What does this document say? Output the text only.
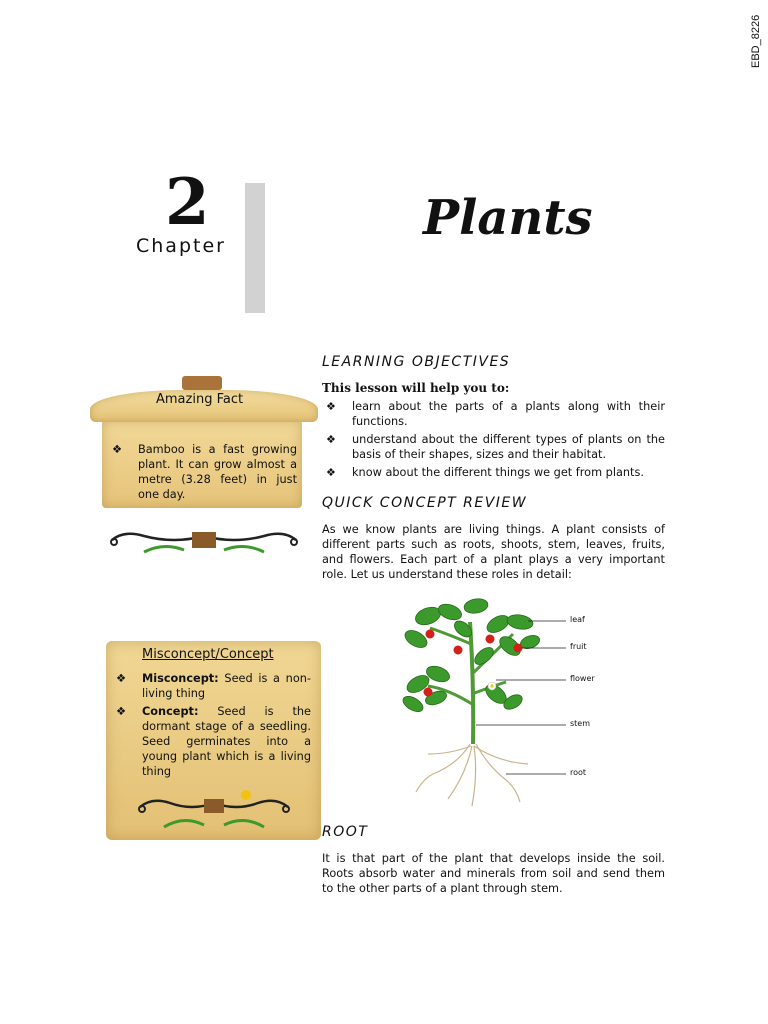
EBD_8226
2
Chapter	Plants
LEARNING OBJECTIVES
This lesson will help you to:
❖ learn about the parts of a plants along with their functions.
❖ understand about the different types of plants on the basis of their shapes, sizes and their habitat.
❖ know about the different things we get from plants.
QUICK CONCEPT REVIEW
As we know plants are living things. A plant consists of different parts such as roots, shoots, stem, leaves, fruits, and flowers. Each part of a plant plays a very important role. Let us understand these roles in detail:
leaf
fruit
flower
stem
root
ROOT
It is that part of the plant that develops inside the soil. Roots absorb water and minerals from soil and send them to the other parts of a plant through stem.
Amazing Fact
❖ Bamboo is a fast growing plant. It can grow almost a metre (3.28 feet) in just one day.

Misconcept/Concept
❖ Misconcept: Seed is a non-living thing
❖ Concept: Seed is the dormant stage of a seedling. Seed germinates into a young plant which is a living thing
